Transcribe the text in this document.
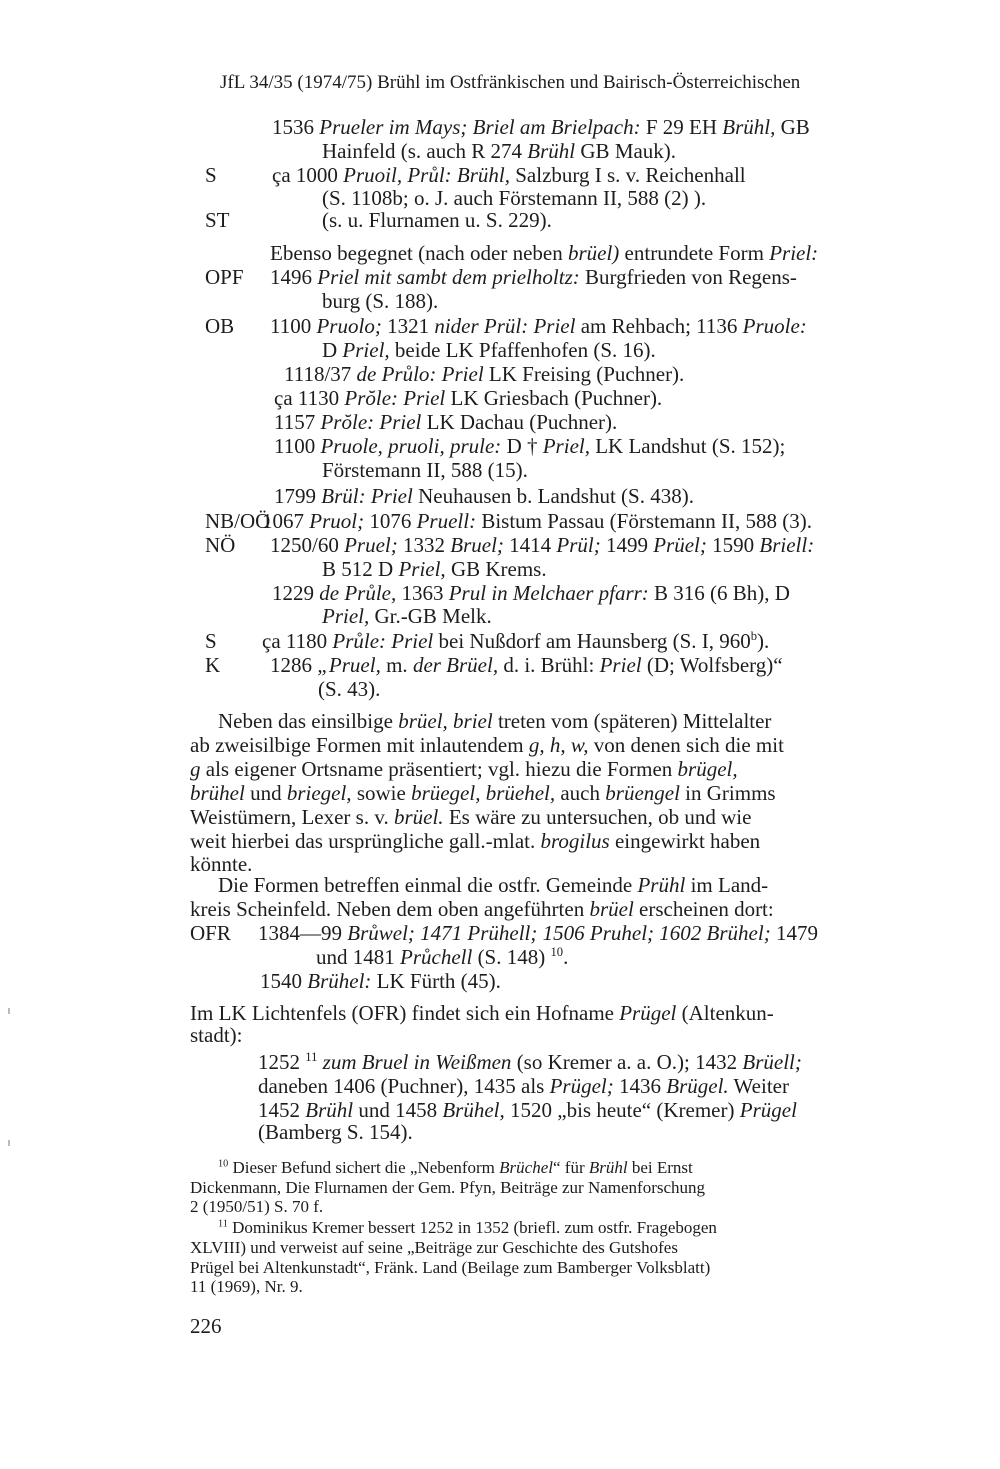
JfL 34/35 (1974/75) Brühl im Ostfränkischen und Bairisch-Österreichischen
S
ST
OPF
OB
NB/OÖ
NÖ
S
K
OFR
1536 Prueler im Mays; Briel am Brielpach: F 29 EH Brühl, GB
Hainfeld (s. auch R 274 Brühl GB Mauk).
ça 1000 Pruoil, Průl: Brühl, Salzburg I s. v. Reichenhall
(S. 1108b; o. J. auch Förstemann II, 588 (2) ).
(s. u. Flurnamen u. S. 229).
Ebenso begegnet (nach oder neben brüel) entrundete Form Priel:
1496 Priel mit sambt dem prielholtz: Burgfrieden von Regens-
burg (S. 188).
1100 Pruolo; 1321 nider Prül: Priel am Rehbach; 1136 Pruole:
D Priel, beide LK Pfaffenhofen (S. 16).
1118/37 de Průlo: Priel LK Freising (Puchner).
ça 1130 Prŏle: Priel LK Griesbach (Puchner).
1157 Prŏle: Priel LK Dachau (Puchner).
1100 Pruole, pruoli, prule: D † Priel, LK Landshut (S. 152);
Förstemann II, 588 (15).
1799 Brül: Priel Neuhausen b. Landshut (S. 438).
1067 Pruol; 1076 Pruell: Bistum Passau (Förstemann II, 588 (3).
1250/60 Pruel; 1332 Bruel; 1414 Prül; 1499 Prüel; 1590 Briell:
B 512 D Priel, GB Krems.
1229 de Průle, 1363 Prul in Melchaer pfarr: B 316 (6 Bh), D
Priel, Gr.-GB Melk.
ça 1180 Průle: Priel bei Nußdorf am Haunsberg (S. I, 960$^b$).
1286 „Pruel, m. der Brüel, d. i. Brühl: Priel (D; Wolfsberg)“
(S. 43).
Neben das einsilbige brüel, briel treten vom (späteren) Mittelalter
ab zweisilbige Formen mit inlautendem g, h, w, von denen sich die mit
g als eigener Ortsname präsentiert; vgl. hiezu die Formen brügel,
brühel und briegel, sowie brüegel, brüehel, auch brüengel in Grimms
Weistümern, Lexer s. v. brüel. Es wäre zu untersuchen, ob und wie
weit hierbei das ursprüngliche gall.-mlat. brogilus eingewirkt haben
könnte.
Die Formen betreffen einmal die ostfr. Gemeinde Prühl im Land-
kreis Scheinfeld. Neben dem oben angeführten brüel erscheinen dort:
1384—99 Brůwel; 1471 Prühell; 1506 Pruhel; 1602 Brühel; 1479
und 1481 Průchell (S. 148) $^{10}$.
1540 Brühel: LK Fürth (45).
Im LK Lichtenfels (OFR) findet sich ein Hofname Prügel (Altenkun-
stadt):
1252 $^{11}$ zum Bruel in Weißmen (so Kremer a. a. O.); 1432 Brüell;
daneben 1406 (Puchner), 1435 als Prügel; 1436 Brügel. Weiter
1452 Brühl und 1458 Brühel, 1520 „bis heute“ (Kremer) Prügel
(Bamberg S. 154).
$^{10}$ Dieser Befund sichert die „Nebenform Brüchel“ für Brühl bei Ernst
Dickenmann, Die Flurnamen der Gem. Pfyn, Beiträge zur Namenforschung
2 (1950/51) S. 70 f.
$^{11}$ Dominikus Kremer bessert 1252 in 1352 (briefl. zum ostfr. Fragebogen
XLVIII) und verweist auf seine „Beiträge zur Geschichte des Gutshofes
Prügel bei Altenkunstadt“, Fränk. Land (Beilage zum Bamberger Volksblatt)
11 (1969), Nr. 9.
226
